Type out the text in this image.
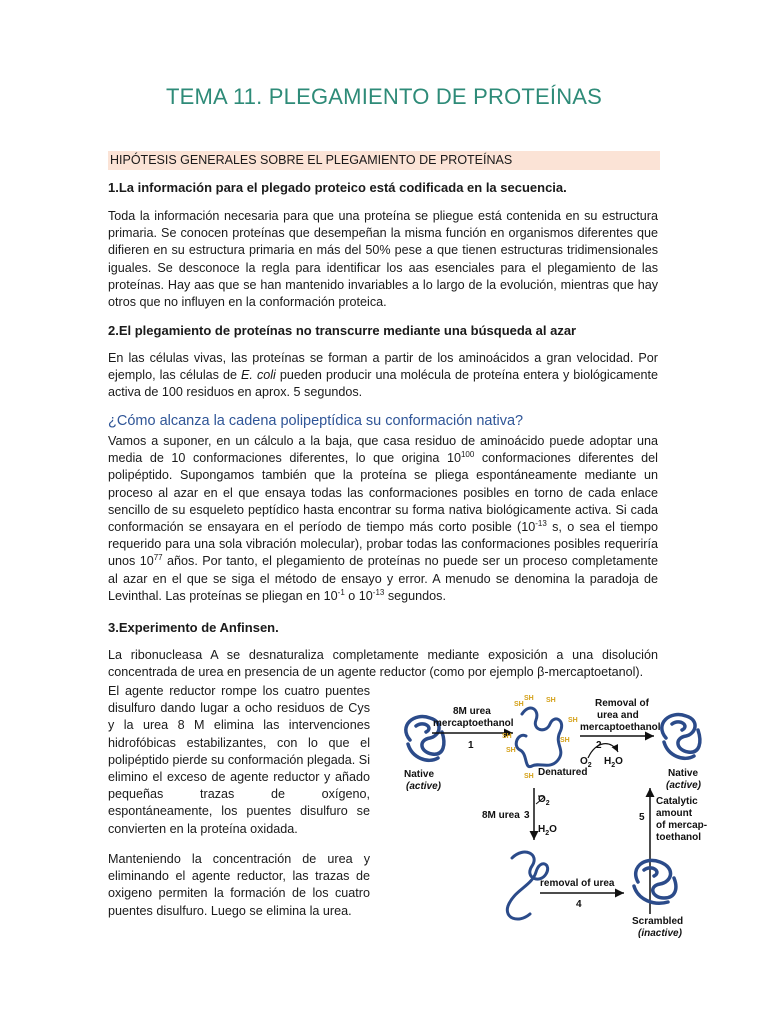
TEMA 11. PLEGAMIENTO DE PROTEÍNAS
HIPÓTESIS GENERALES SOBRE EL PLEGAMIENTO DE PROTEÍNAS
1.La información para el plegado proteico está codificada en la secuencia.

Toda la información necesaria para que una proteína se pliegue está contenida en su estructura primaria. Se conocen proteínas que desempeñan la misma función en organismos diferentes que difieren en su estructura primaria en más del 50% pese a que tienen estructuras tridimensionales iguales. Se desconoce la regla para identificar los aas esenciales para el plegamiento de las proteínas. Hay aas que se han mantenido invariables a lo largo de la evolución, mientras que hay otros que no influyen en la conformación proteica.

2.El plegamiento de proteínas no transcurre mediante una búsqueda al azar

En las células vivas, las proteínas se forman a partir de los aminoácidos a gran velocidad. Por ejemplo, las células de E. coli pueden producir una molécula de proteína entera y biológicamente activa de 100 residuos en aprox. 5 segundos.

¿Cómo alcanza la cadena polipeptídica su conformación nativa?

Vamos a suponer, en un cálculo a la baja, que casa residuo de aminoácido puede adoptar una media de 10 conformaciones diferentes, lo que origina $10^{100}$ conformaciones diferentes del polipéptido. Supongamos también que la proteína se pliega espontáneamente mediante un proceso al azar en el que ensaya todas las conformaciones posibles en torno de cada enlace sencillo de su esqueleto peptídico hasta encontrar su forma nativa biológicamente activa. Si cada conformación se ensayara en el período de tiempo más corto posible ($10^{-13}$ s, o sea el tiempo requerido para una sola vibración molecular), probar todas las conformaciones posibles requeriría unos $10^{77}$ años. Por tanto, el plegamiento de proteínas no puede ser un proceso completamente al azar en el que se siga el método de ensayo y error. A menudo se denomina la paradoja de Levinthal. Las proteínas se pliegan en $10^{-1}$ o $10^{-13}$ segundos.

3.Experimento de Anfinsen.

La ribonucleasa A se desnaturaliza completamente mediante exposición a una disolución concentrada de urea en presencia de un agente reductor (como por ejemplo β-mercaptoetanol).

El agente reductor rompe los cuatro puentes disulfuro dando lugar a ocho residuos de Cys y la urea 8 M elimina las intervenciones hidrofóbicas estabilizantes, con lo que el polipéptido pierde su conformación plegada. Si elimino el exceso de agente reductor y añado pequeñas trazas de oxígeno, espontáneamente, los puentes disulfuro se convierten en la proteína oxidada.

Manteniendo la concentración de urea y eliminando el agente reductor, las trazas de oxigeno permiten la formación de los cuatro puentes disulfuro. Luego se elimina la urea.

Native
(active)
8M urea
mercaptoethanol
1
SH
SH SH
SH
SH
SH
SH
SH Denatured
Removal of
urea and
mercaptoethanol
2
$O_2$ $H_2O$
Native
(active)
8M urea 3
$O_2$
$H_2O$
5
Catalytic
amount
of mercap-
toethanol
removal of urea
4
Scrambled
(inactive)
